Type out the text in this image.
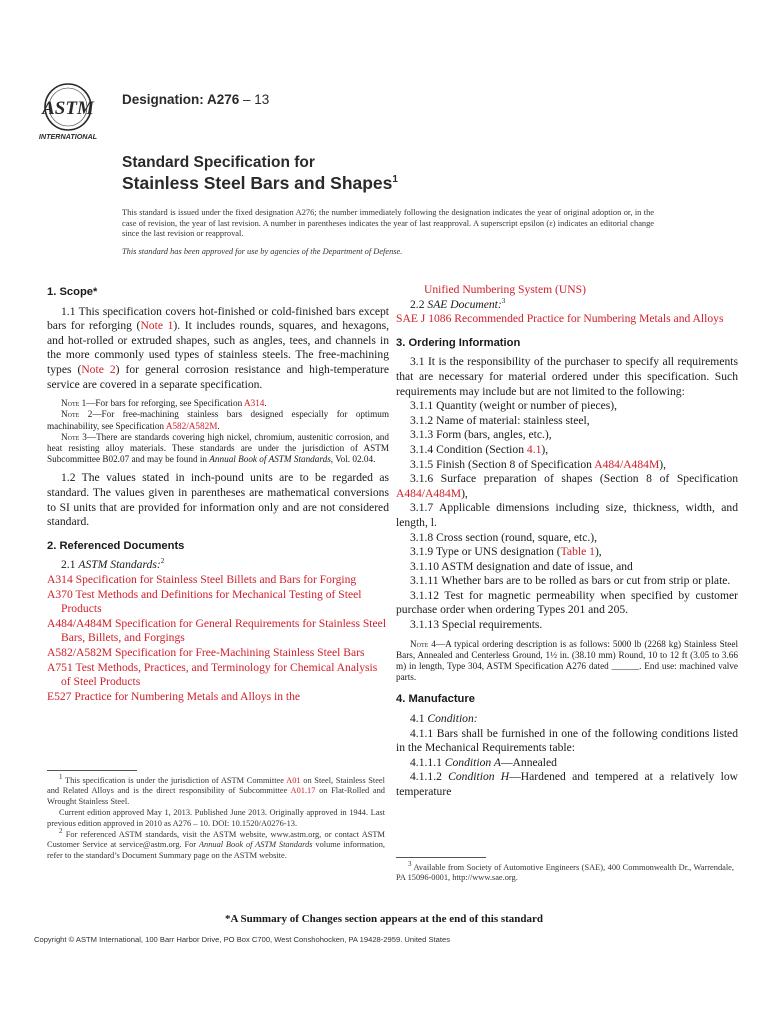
ASTM
INTERNATIONAL
Designation: A276 – 13
Standard Specification for
Stainless Steel Bars and Shapes$^1$

This standard is issued under the fixed designation A276; the number immediately following the designation indicates the year of original adoption or, in the case of revision, the year of last revision. A number in parentheses indicates the year of last reapproval. A superscript epsilon (ε) indicates an editorial change since the last revision or reapproval.

This standard has been approved for use by agencies of the Department of Defense.

1. Scope*

1.1 This specification covers hot-finished or cold-finished bars except bars for reforging (Note 1). It includes rounds, squares, and hexagons, and hot-rolled or extruded shapes, such as angles, tees, and channels in the more commonly used types of stainless steels. The free-machining types (Note 2) for general corrosion resistance and high-temperature service are covered in a separate specification.

Note 1—For bars for reforging, see Specification A314.

Note 2—For free-machining stainless bars designed especially for optimum machinability, see Specification A582/A582M.

Note 3—There are standards covering high nickel, chromium, austenitic corrosion, and heat resisting alloy materials. These standards are under the jurisdiction of ASTM Subcommittee B02.07 and may be found in Annual Book of ASTM Standards, Vol. 02.04.

1.2 The values stated in inch-pound units are to be regarded as standard. The values given in parentheses are mathematical conversions to SI units that are provided for information only and are not considered standard.

2. Referenced Documents

2.1 ASTM Standards:$^2$

A314 Specification for Stainless Steel Billets and Bars for Forging

A370 Test Methods and Definitions for Mechanical Testing of Steel Products

A484/A484M Specification for General Requirements for Stainless Steel Bars, Billets, and Forgings

A582/A582M Specification for Free-Machining Stainless Steel Bars

A751 Test Methods, Practices, and Terminology for Chemical Analysis of Steel Products

E527 Practice for Numbering Metals and Alloys in the

Unified Numbering System (UNS)

2.2 SAE Document:$^3$

SAE J 1086 Recommended Practice for Numbering Metals and Alloys

3. Ordering Information

3.1 It is the responsibility of the purchaser to specify all requirements that are necessary for material ordered under this specification. Such requirements may include but are not limited to the following:

3.1.1 Quantity (weight or number of pieces),

3.1.2 Name of material: stainless steel,

3.1.3 Form (bars, angles, etc.),

3.1.4 Condition (Section 4.1),

3.1.5 Finish (Section 8 of Specification A484/A484M),

3.1.6 Surface preparation of shapes (Section 8 of Specification A484/A484M),

3.1.7 Applicable dimensions including size, thickness, width, and length, l.

3.1.8 Cross section (round, square, etc.),

3.1.9 Type or UNS designation (Table 1),

3.1.10 ASTM designation and date of issue, and

3.1.11 Whether bars are to be rolled as bars or cut from strip or plate.

3.1.12 Test for magnetic permeability when specified by customer purchase order when ordering Types 201 and 205.

3.1.13 Special requirements.

Note 4—A typical ordering description is as follows: 5000 lb (2268 kg) Stainless Steel Bars, Annealed and Centerless Ground, 1½ in. (38.10 mm) Round, 10 to 12 ft (3.05 to 3.66 m) in length, Type 304, ASTM Specification A276 dated ______. End use: machined valve parts.

4. Manufacture

4.1 Condition:

4.1.1 Bars shall be furnished in one of the following conditions listed in the Mechanical Requirements table:

4.1.1.1 Condition A—Annealed

4.1.1.2 Condition H—Hardened and tempered at a relatively low temperature

$^1$ This specification is under the jurisdiction of ASTM Committee A01 on Steel, Stainless Steel and Related Alloys and is the direct responsibility of Subcommittee A01.17 on Flat-Rolled and Wrought Stainless Steel.

Current edition approved May 1, 2013. Published June 2013. Originally approved in 1944. Last previous edition approved in 2010 as A276 – 10. DOI: 10.1520/A0276-13.

$^2$ For referenced ASTM standards, visit the ASTM website, www.astm.org, or contact ASTM Customer Service at service@astm.org. For Annual Book of ASTM Standards volume information, refer to the standard’s Document Summary page on the ASTM website.

$^3$ Available from Society of Automotive Engineers (SAE), 400 Commonwealth Dr., Warrendale, PA 15096-0001, http://www.sae.org.

*A Summary of Changes section appears at the end of this standard
Copyright © ASTM International, 100 Barr Harbor Drive, PO Box C700, West Conshohocken, PA 19428-2959. United States
